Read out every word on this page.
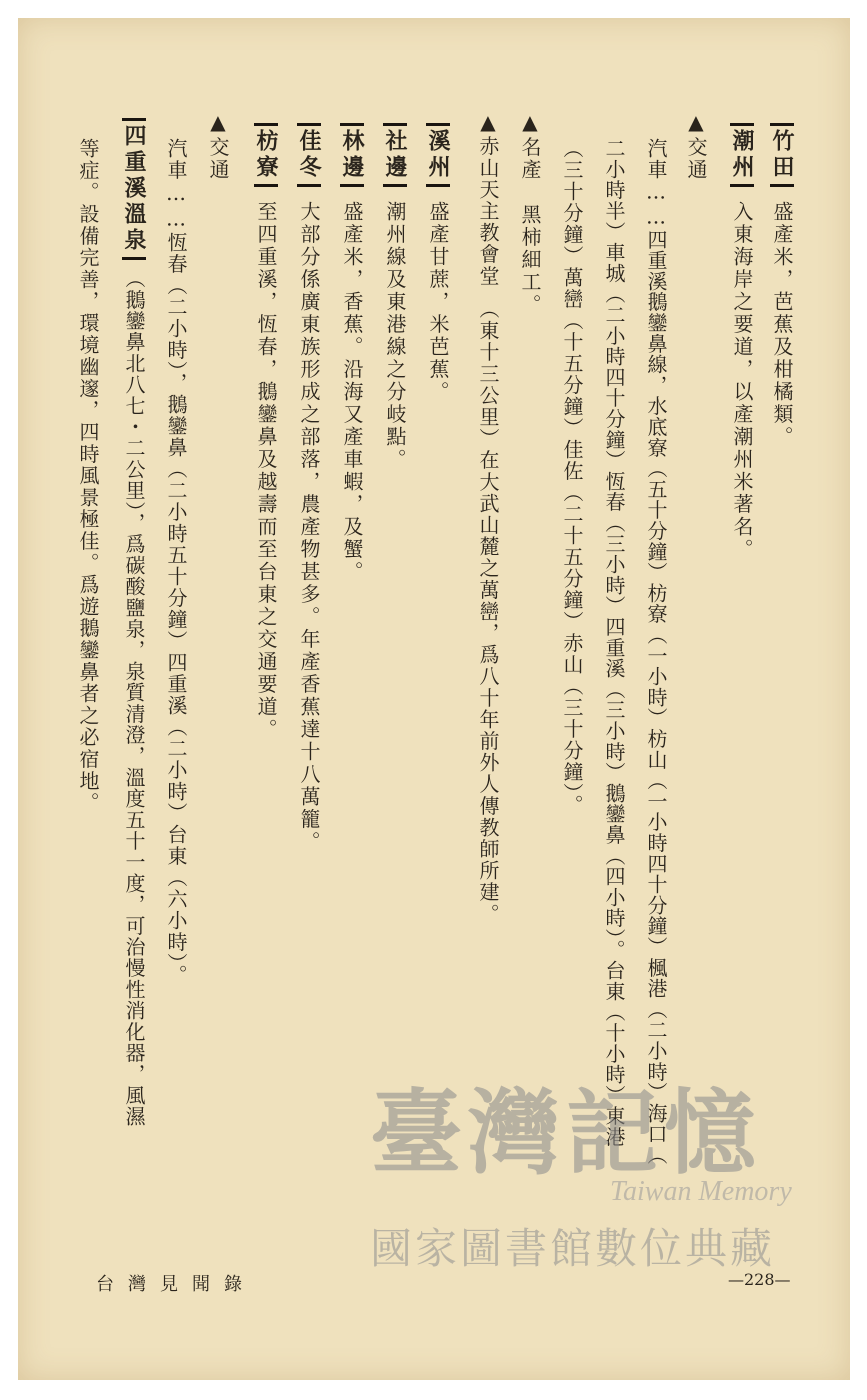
竹田盛產米，芭蕉及柑橘類。
潮州入東海岸之要道，以產潮州米著名。
▲交通
汽車……四重溪鵝鑾鼻線，水底寮（五十分鐘）枋寮（一小時）枋山（一小時四十分鐘）楓港（二小時）海口（
二小時半）車城（二小時四十分鐘）恆春（三小時）四重溪（三小時）鵝鑾鼻（四小時）。台東（十小時）東港
（三十分鐘）萬巒（十五分鐘）佳佐（二十五分鐘）赤山（三十分鐘）。
▲名產　黑柿細工。
▲赤山天主教會堂　（東十三公里）在大武山麓之萬巒，爲八十年前外人傳教師所建。
溪州盛產甘蔗，米芭蕉。
社邊潮州線及東港線之分岐點。
林邊盛產米，香蕉。沿海又產車蝦，及蟹。
佳冬大部分係廣東族形成之部落，農產物甚多。年產香蕉達十八萬籠。
枋寮至四重溪，恆春，鵝鑾鼻及越壽而至台東之交通要道。
▲交通
汽車……恆春（二小時），鵝鑾鼻（二小時五十分鐘）四重溪（二小時）台東（六小時）。
四重溪溫泉（鵝鑾鼻北八七・二公里），爲碳酸鹽泉，泉質清澄，溫度五十一度，可治慢性消化器，風濕
等症。設備完善，環境幽邃，四時風景極佳。爲遊鵝鑾鼻者之必宿地。
台灣見聞錄	—228—
臺灣記憶
Taiwan Memory
國家圖書館數位典藏
